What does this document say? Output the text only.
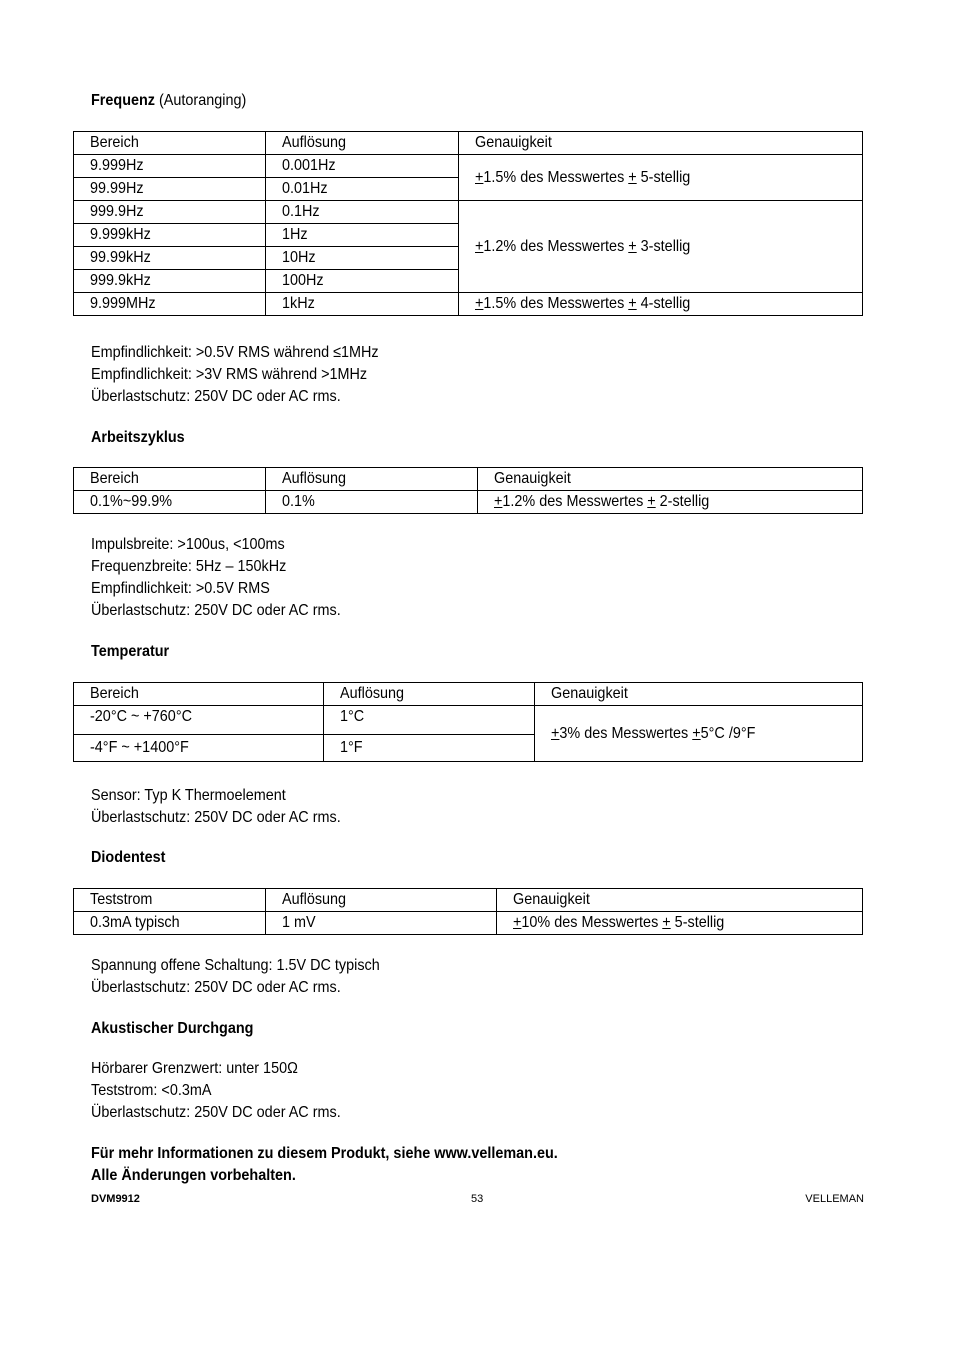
Frequenz (Autoranging)
Bereich	Auflösung	Genauigkeit
9.999Hz	0.001Hz	+1.5% des Messwertes + 5-stellig
99.99Hz	0.01Hz	
999.9Hz	0.1Hz	+1.2% des Messwertes + 3-stellig
9.999kHz	1Hz	
99.99kHz	10Hz	
999.9kHz	100Hz	
9.999MHz	1kHz	+1.5% des Messwertes + 4-stellig
Empfindlichkeit: >0.5V RMS während ≤1MHz
Empfindlichkeit: >3V RMS während >1MHz
Überlastschutz: 250V DC oder AC rms.
Arbeitszyklus
Bereich	Auflösung	Genauigkeit
0.1%~99.9%	0.1%	+1.2% des Messwertes + 2-stellig
Impulsbreite: >100us, <100ms
Frequenzbreite: 5Hz – 150kHz
Empfindlichkeit: >0.5V RMS
Überlastschutz: 250V DC oder AC rms.
Temperatur
Bereich	Auflösung	Genauigkeit
-20°C ~ +760°C	1°C	+3% des Messwertes +5°C /9°F
-4°F ~ +1400°F	1°F	
Sensor: Typ K Thermoelement
Überlastschutz: 250V DC oder AC rms.
Diodentest
Teststrom	Auflösung	Genauigkeit
0.3mA typisch	1 mV	+10% des Messwertes + 5-stellig
Spannung offene Schaltung: 1.5V DC typisch
Überlastschutz: 250V DC oder AC rms.
Akustischer Durchgang
Hörbarer Grenzwert: unter 150Ω
Teststrom: <0.3mA
Überlastschutz: 250V DC oder AC rms.
Für mehr Informationen zu diesem Produkt, siehe www.velleman.eu.
Alle Änderungen vorbehalten.
DVM9912	53	VELLEMAN
